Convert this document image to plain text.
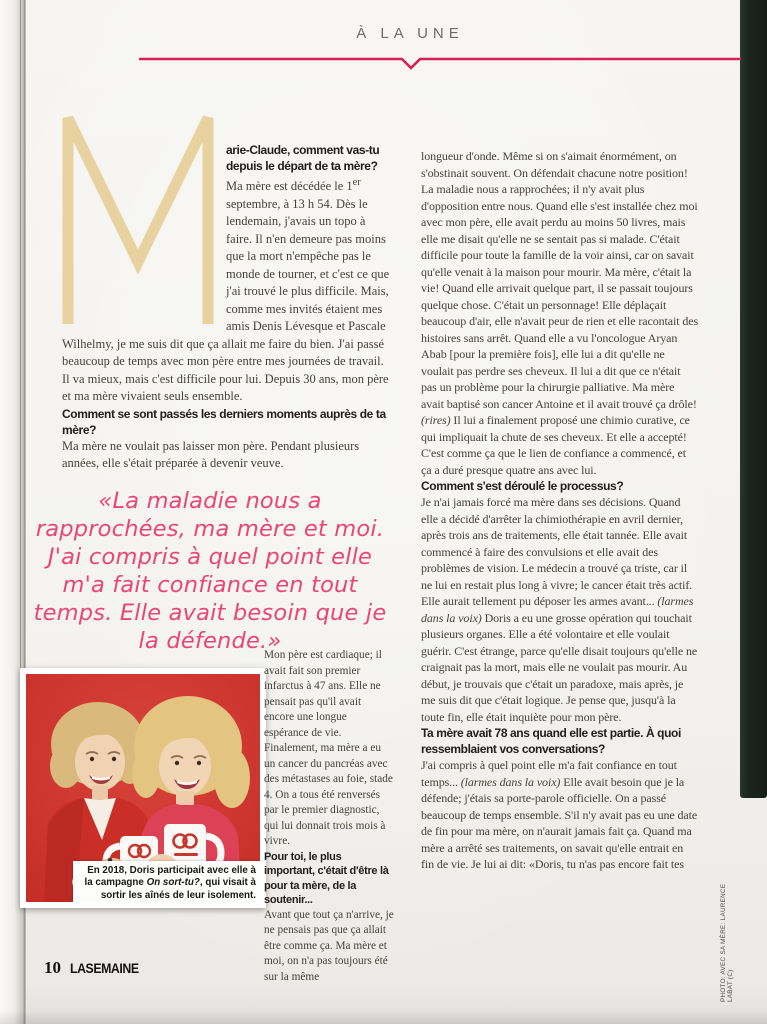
À LA UNE

arie-Claude, comment vas-tu depuis le départ de ta mère?

Ma mère est décédée le 1er septembre, à 13 h 54. Dès le lendemain, j'avais un topo à faire. Il n'en demeure pas moins que la mort n'empêche pas le monde de tourner, et c'est ce que j'ai trouvé le plus difficile. Mais, comme mes invités étaient mes amis Denis Lévesque et Pascale Wilhelmy, je me suis dit que ça allait me faire du bien. J'ai passé beaucoup de temps avec mon père entre mes journées de travail. Il va mieux, mais c'est difficile pour lui. Depuis 30 ans, mon père et ma mère vivaient seuls ensemble.

Comment se sont passés les derniers moments auprès de ta mère?

Ma mère ne voulait pas laisser mon père. Pendant plusieurs années, elle s'était préparée à devenir veuve.

«La maladie nous a rapprochées, ma mère et moi. J'ai compris à quel point elle m'a fait confiance en tout temps. Elle avait besoin que je la défende.»
En 2018, Doris participait avec elle à la campagne On sort-tu?, qui visait à sortir les aînés de leur isolement.

Mon père est cardiaque; il avait fait son premier infarctus à 47 ans. Elle ne pensait pas qu'il avait encore une longue espérance de vie. Finalement, ma mère a eu un cancer du pancréas avec des métastases au foie, stade 4. On a tous été renversés par le premier diagnostic, qui lui donnait trois mois à vivre.

Pour toi, le plus important, c'était d'être là pour ta mère, de la soutenir...

Avant que tout ça n'arrive, je ne pensais pas que ça allait être comme ça. Ma mère et moi, on n'a pas toujours été sur la même

longueur d'onde. Même si on s'aimait énormément, on s'obstinait souvent. On défendait chacune notre position! La maladie nous a rapprochées; il n'y avait plus d'opposition entre nous. Quand elle s'est installée chez moi avec mon père, elle avait perdu au moins 50 livres, mais elle me disait qu'elle ne se sentait pas si malade. C'était difficile pour toute la famille de la voir ainsi, car on savait qu'elle venait à la maison pour mourir. Ma mère, c'était la vie! Quand elle arrivait quelque part, il se passait toujours quelque chose. C'était un personnage! Elle déplaçait beaucoup d'air, elle n'avait peur de rien et elle racontait des histoires sans arrêt. Quand elle a vu l'oncologue Aryan Abab [pour la première fois], elle lui a dit qu'elle ne voulait pas perdre ses cheveux. Il lui a dit que ce n'était pas un problème pour la chirurgie palliative. Ma mère avait baptisé son cancer Antoine et il avait trouvé ça drôle! (rires) Il lui a finalement proposé une chimio curative, ce qui impliquait la chute de ses cheveux. Et elle a accepté! C'est comme ça que le lien de confiance a commencé, et ça a duré presque quatre ans avec lui.

Comment s'est déroulé le processus?

Je n'ai jamais forcé ma mère dans ses décisions. Quand elle a décidé d'arrêter la chimiothérapie en avril dernier, après trois ans de traitements, elle était tannée. Elle avait commencé à faire des convulsions et elle avait des problèmes de vision. Le médecin a trouvé ça triste, car il ne lui en restait plus long à vivre; le cancer était très actif. Elle aurait tellement pu déposer les armes avant... (larmes dans la voix) Doris a eu une grosse opération qui touchait plusieurs organes. Elle a été volontaire et elle voulait guérir. C'est étrange, parce qu'elle disait toujours qu'elle ne craignait pas la mort, mais elle ne voulait pas mourir. Au début, je trouvais que c'était un paradoxe, mais après, je me suis dit que c'était logique. Je pense que, jusqu'à la toute fin, elle était inquiète pour mon père.

Ta mère avait 78 ans quand elle est partie. À quoi ressemblaient vos conversations?

J'ai compris à quel point elle m'a fait confiance en tout temps... (larmes dans la voix) Elle avait besoin que je la défende; j'étais sa porte-parole officielle. On a passé beaucoup de temps ensemble. S'il n'y avait pas eu une date de fin pour ma mère, on n'aurait jamais fait ça. Quand ma mère a arrêté ses traitements, on savait qu'elle entrait en fin de vie. Je lui ai dit: «Doris, tu n'as pas encore fait tes

PHOTO: AVEC SA MÈRE: LAURENCE LABAT (C)
10 LASEMAINE
